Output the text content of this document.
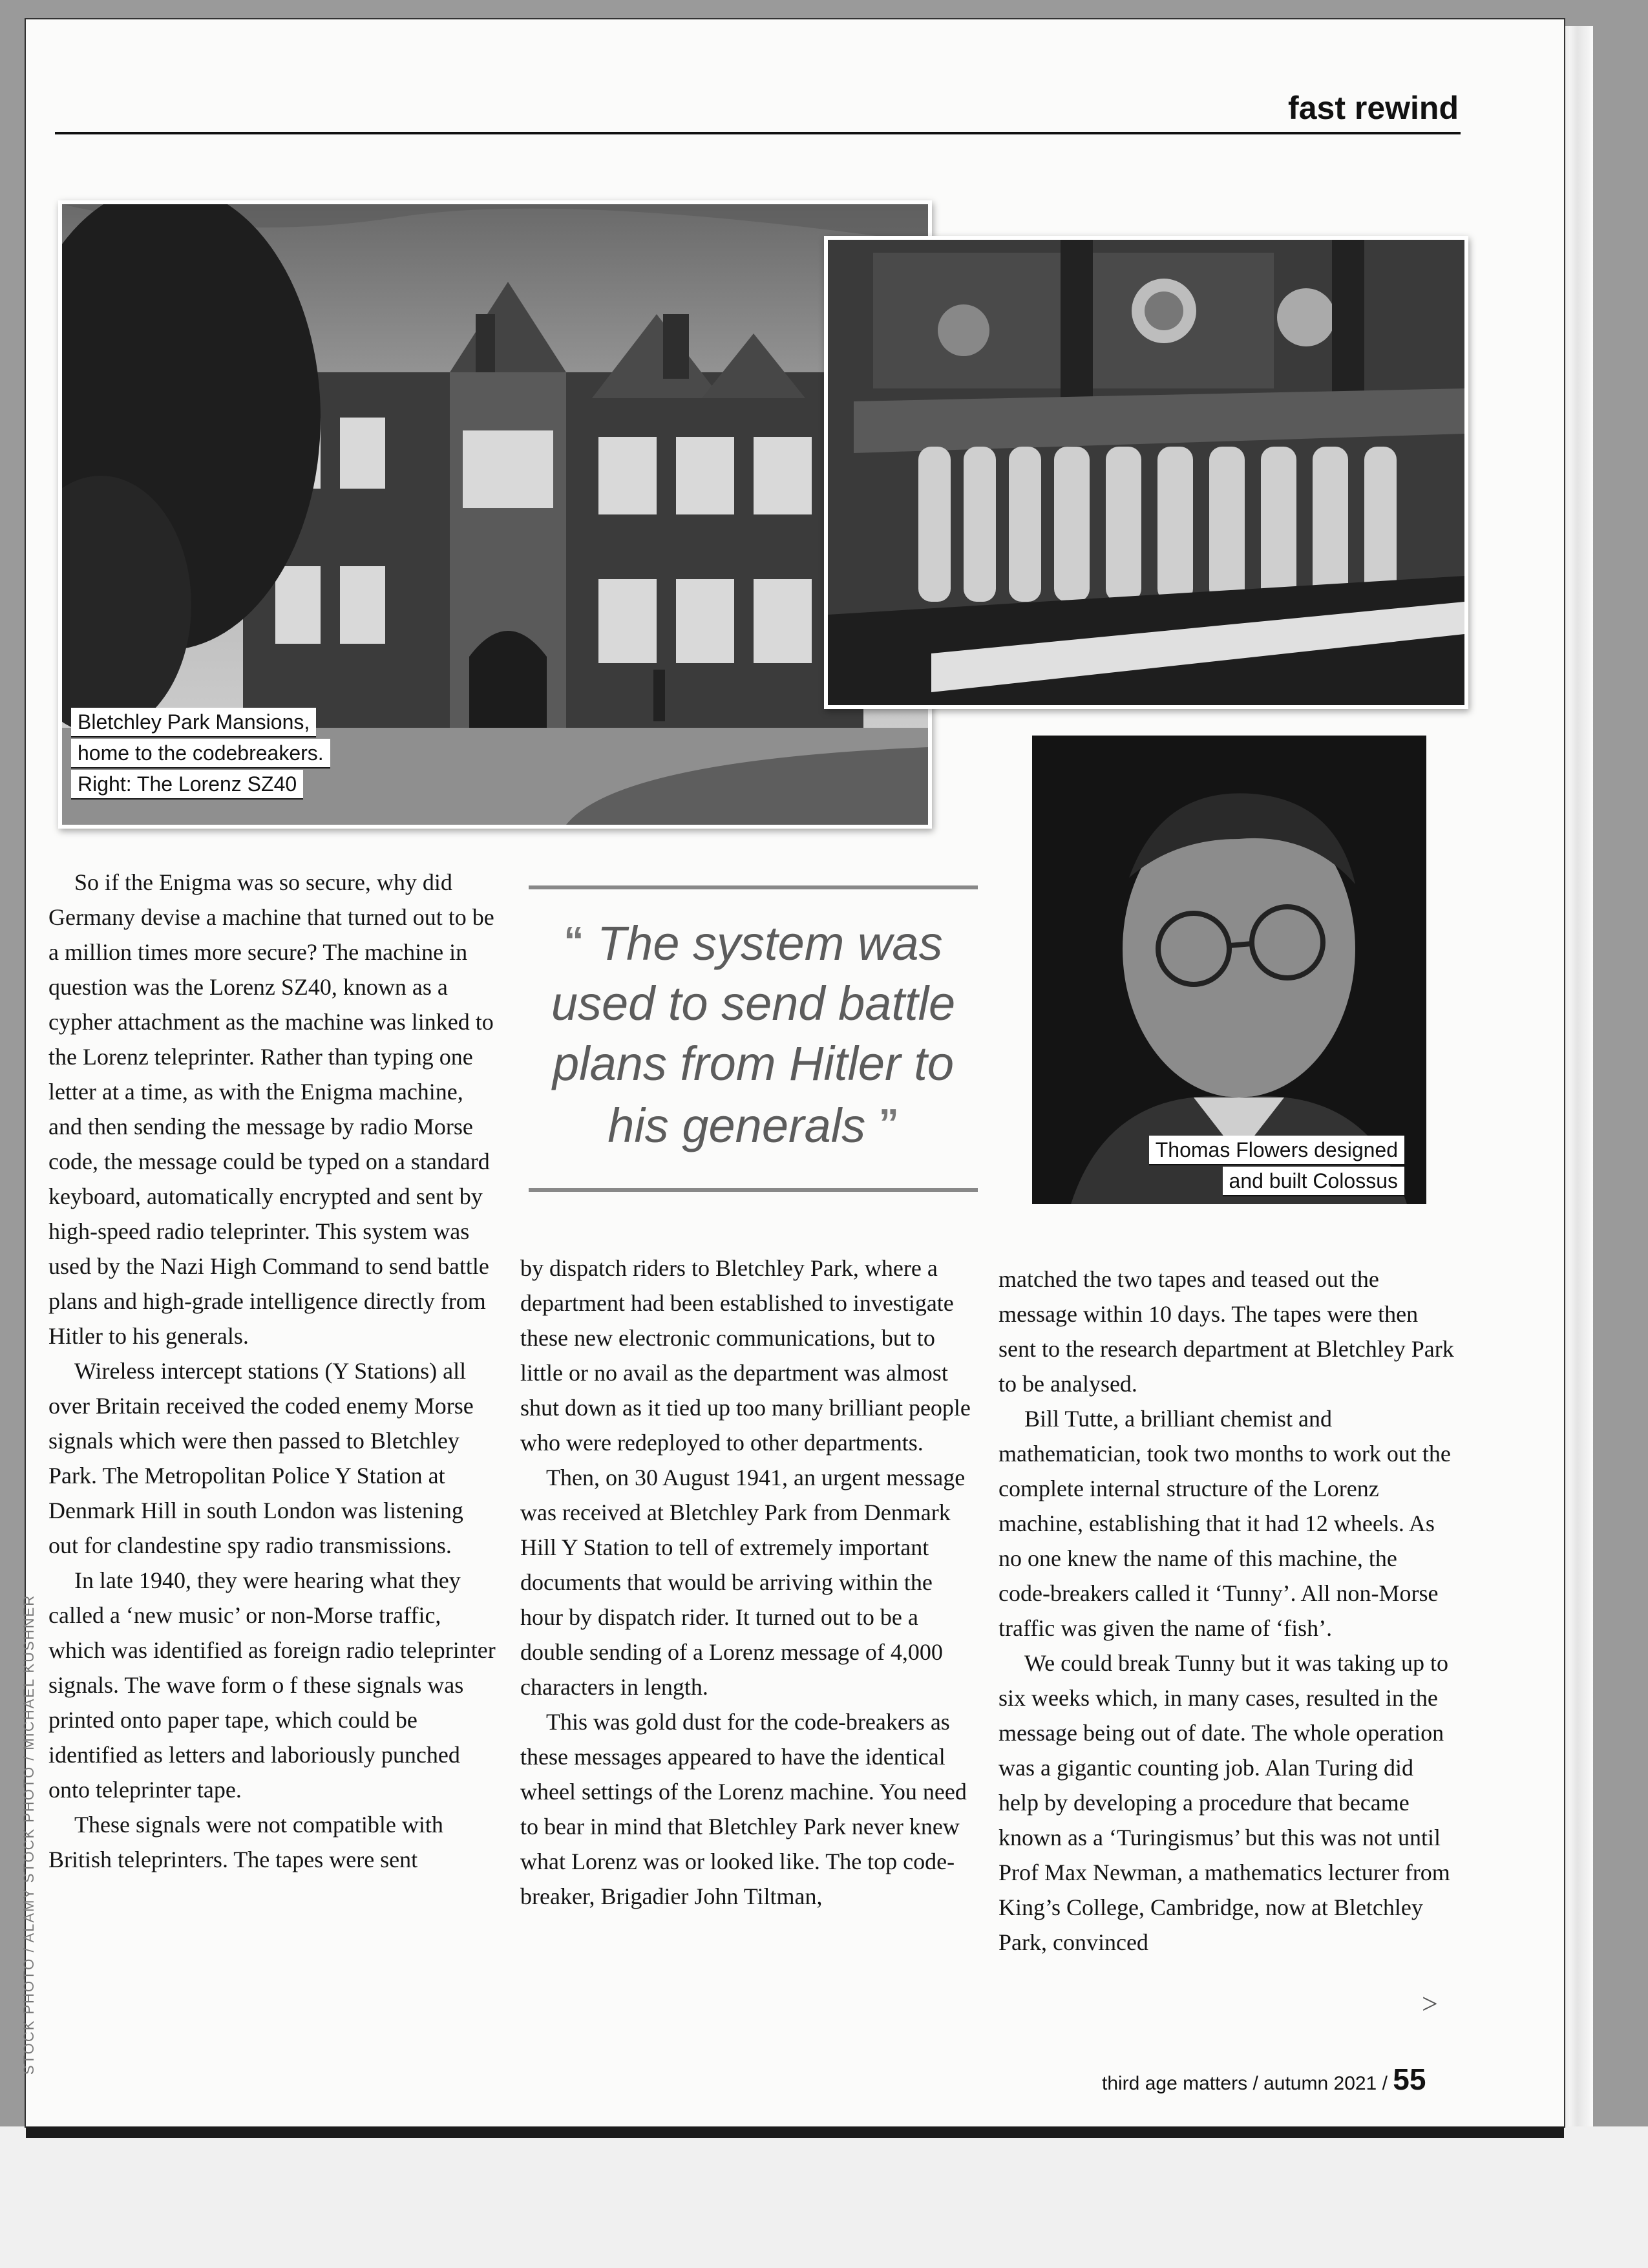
STOCK PHOTO / ALAMY STOCK PHOTO / MICHAEL KUSHNER
fast rewind
Bletchley Park Mansions,
home to the codebreakers.
Right: The Lorenz SZ40
Thomas Flowers designed
and built Colossus
“ The system was used to send battle plans from Hitler to his generals ”

So if the Enigma was so secure, why did Germany devise a machine that turned out to be a million times more secure? The machine in question was the Lorenz SZ40, known as a cypher attachment as the machine was linked to the Lorenz teleprinter. Rather than typing one letter at a time, as with the Enigma machine, and then sending the message by radio Morse code, the message could be typed on a standard keyboard, automatically encrypted and sent by high-speed radio teleprinter. This system was used by the Nazi High Command to send battle plans and high-grade intelligence directly from Hitler to his generals.

Wireless intercept stations (Y Stations) all over Britain received the coded enemy Morse signals which were then passed to Bletchley Park. The Metropolitan Police Y Station at Denmark Hill in south London was listening out for clandestine spy radio transmissions.

In late 1940, they were hearing what they called a ‘new music’ or non-Morse traffic, which was identified as foreign radio teleprinter signals. The wave form o f these signals was printed onto paper tape, which could be identified as letters and laboriously punched onto teleprinter tape.

These signals were not compatible with British teleprinters. The tapes were sent

by dispatch riders to Bletchley Park, where a department had been established to investigate these new electronic communications, but to little or no avail as the department was almost shut down as it tied up too many brilliant people who were redeployed to other departments.

Then, on 30 August 1941, an urgent message was received at Bletchley Park from Denmark Hill Y Station to tell of extremely important documents that would be arriving within the hour by dispatch rider. It turned out to be a double sending of a Lorenz message of 4,000 characters in length.

This was gold dust for the code-breakers as these messages appeared to have the identical wheel settings of the Lorenz machine. You need to bear in mind that Bletchley Park never knew what Lorenz was or looked like. The top code-breaker, Brigadier John Tiltman,

matched the two tapes and teased out the message within 10 days. The tapes were then sent to the research department at Bletchley Park to be analysed.

Bill Tutte, a brilliant chemist and mathematician, took two months to work out the complete internal structure of the Lorenz machine, establishing that it had 12 wheels. As no one knew the name of this machine, the code-breakers called it ‘Tunny’. All non-Morse traffic was given the name of ‘fish’.

We could break Tunny but it was taking up to six weeks which, in many cases, resulted in the message being out of date. The whole operation was a gigantic counting job. Alan Turing did help by developing a procedure that became known as a ‘Turingismus’ but this was not until Prof Max Newman, a mathematics lecturer from King’s College, Cambridge, now at Bletchley Park, convinced

>
third age matters / autumn 2021 / 55
